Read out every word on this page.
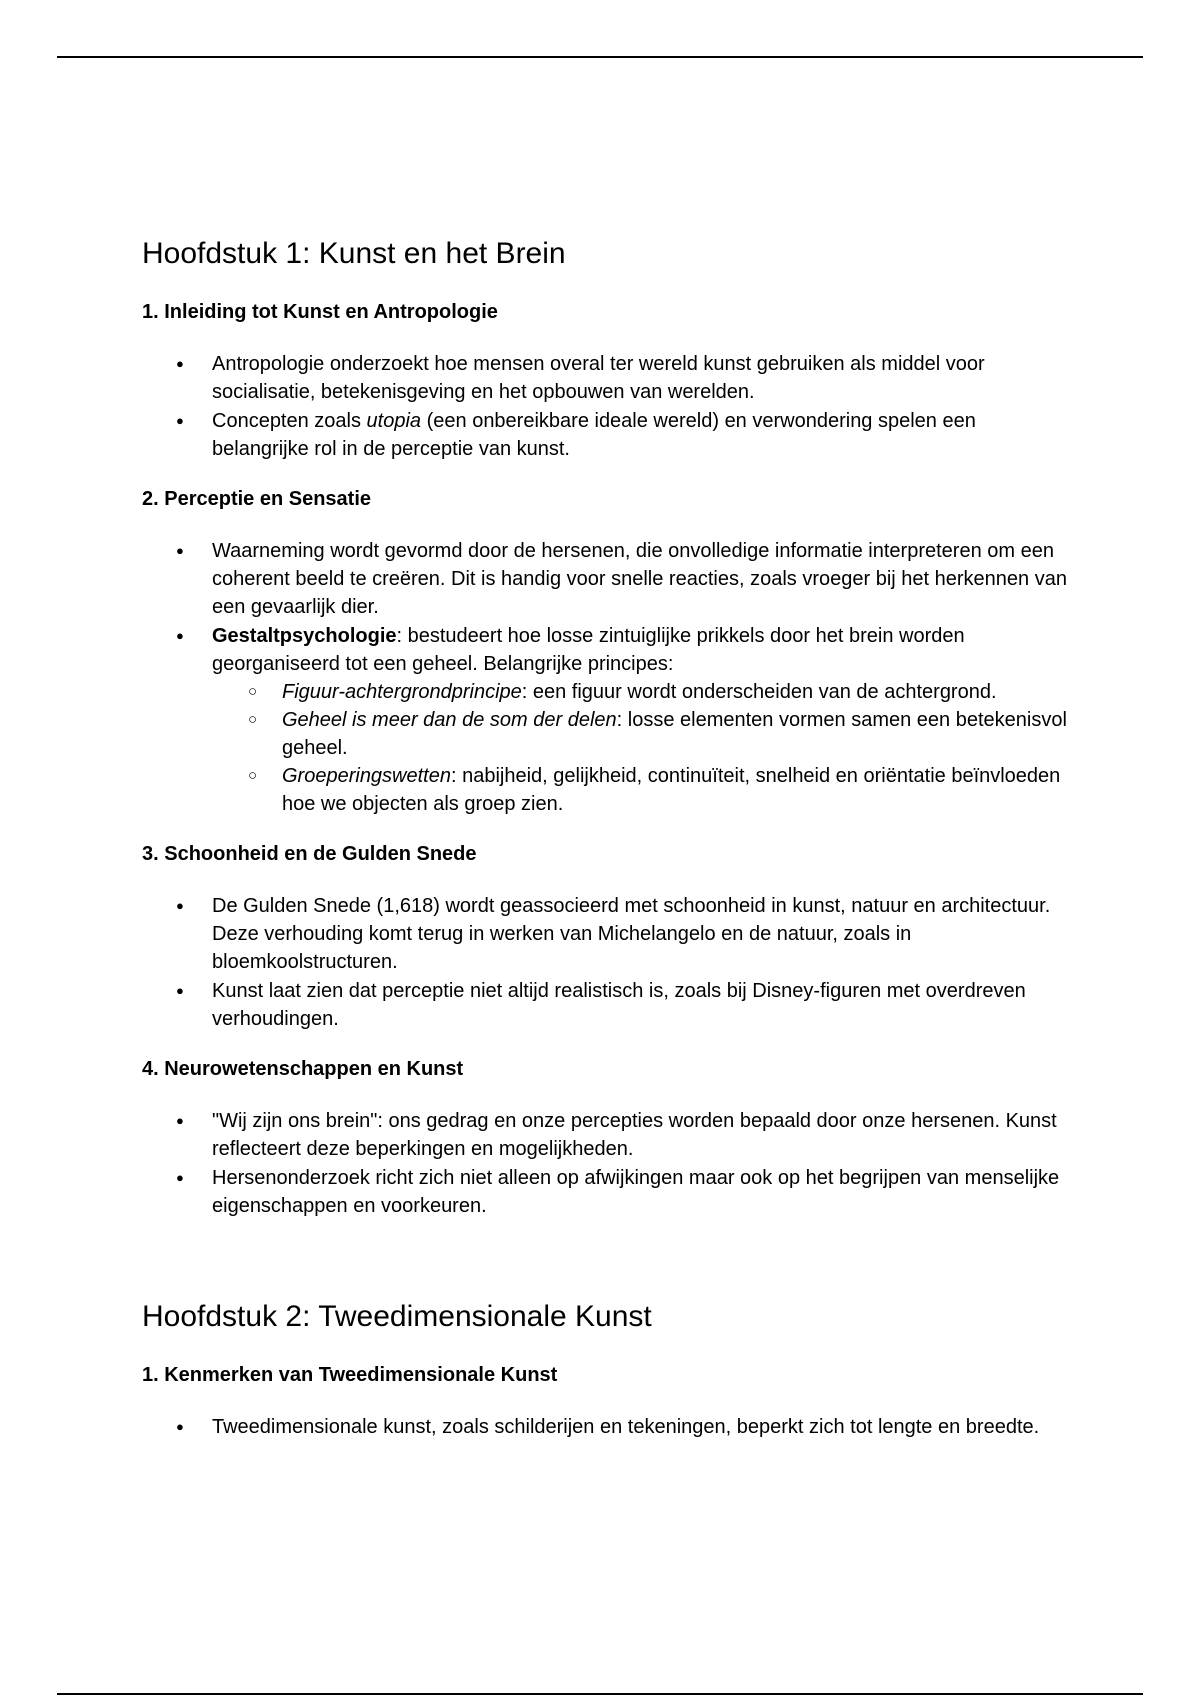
Hoofdstuk 1: Kunst en het Brein
1. Inleiding tot Kunst en Antropologie
● Antropologie onderzoekt hoe mensen overal ter wereld kunst gebruiken als middel voor socialisatie, betekenisgeving en het opbouwen van werelden.
● Concepten zoals utopia (een onbereikbare ideale wereld) en verwondering spelen een belangrijke rol in de perceptie van kunst.
2. Perceptie en Sensatie
● Waarneming wordt gevormd door de hersenen, die onvolledige informatie interpreteren om een coherent beeld te creëren. Dit is handig voor snelle reacties, zoals vroeger bij het herkennen van een gevaarlijk dier.
● Gestaltpsychologie: bestudeert hoe losse zintuiglijke prikkels door het brein worden georganiseerd tot een geheel. Belangrijke principes:
○ Figuur-achtergrondprincipe: een figuur wordt onderscheiden van de achtergrond.
○ Geheel is meer dan de som der delen: losse elementen vormen samen een betekenisvol geheel.
○ Groeperingswetten: nabijheid, gelijkheid, continuïteit, snelheid en oriëntatie beïnvloeden hoe we objecten als groep zien.
3. Schoonheid en de Gulden Snede
● De Gulden Snede (1,618) wordt geassocieerd met schoonheid in kunst, natuur en architectuur. Deze verhouding komt terug in werken van Michelangelo en de natuur, zoals in bloemkoolstructuren.
● Kunst laat zien dat perceptie niet altijd realistisch is, zoals bij Disney-figuren met overdreven verhoudingen.
4. Neurowetenschappen en Kunst
● "Wij zijn ons brein": ons gedrag en onze percepties worden bepaald door onze hersenen. Kunst reflecteert deze beperkingen en mogelijkheden.
● Hersenonderzoek richt zich niet alleen op afwijkingen maar ook op het begrijpen van menselijke eigenschappen en voorkeuren.
Hoofdstuk 2: Tweedimensionale Kunst
1. Kenmerken van Tweedimensionale Kunst
● Tweedimensionale kunst, zoals schilderijen en tekeningen, beperkt zich tot lengte en breedte.
